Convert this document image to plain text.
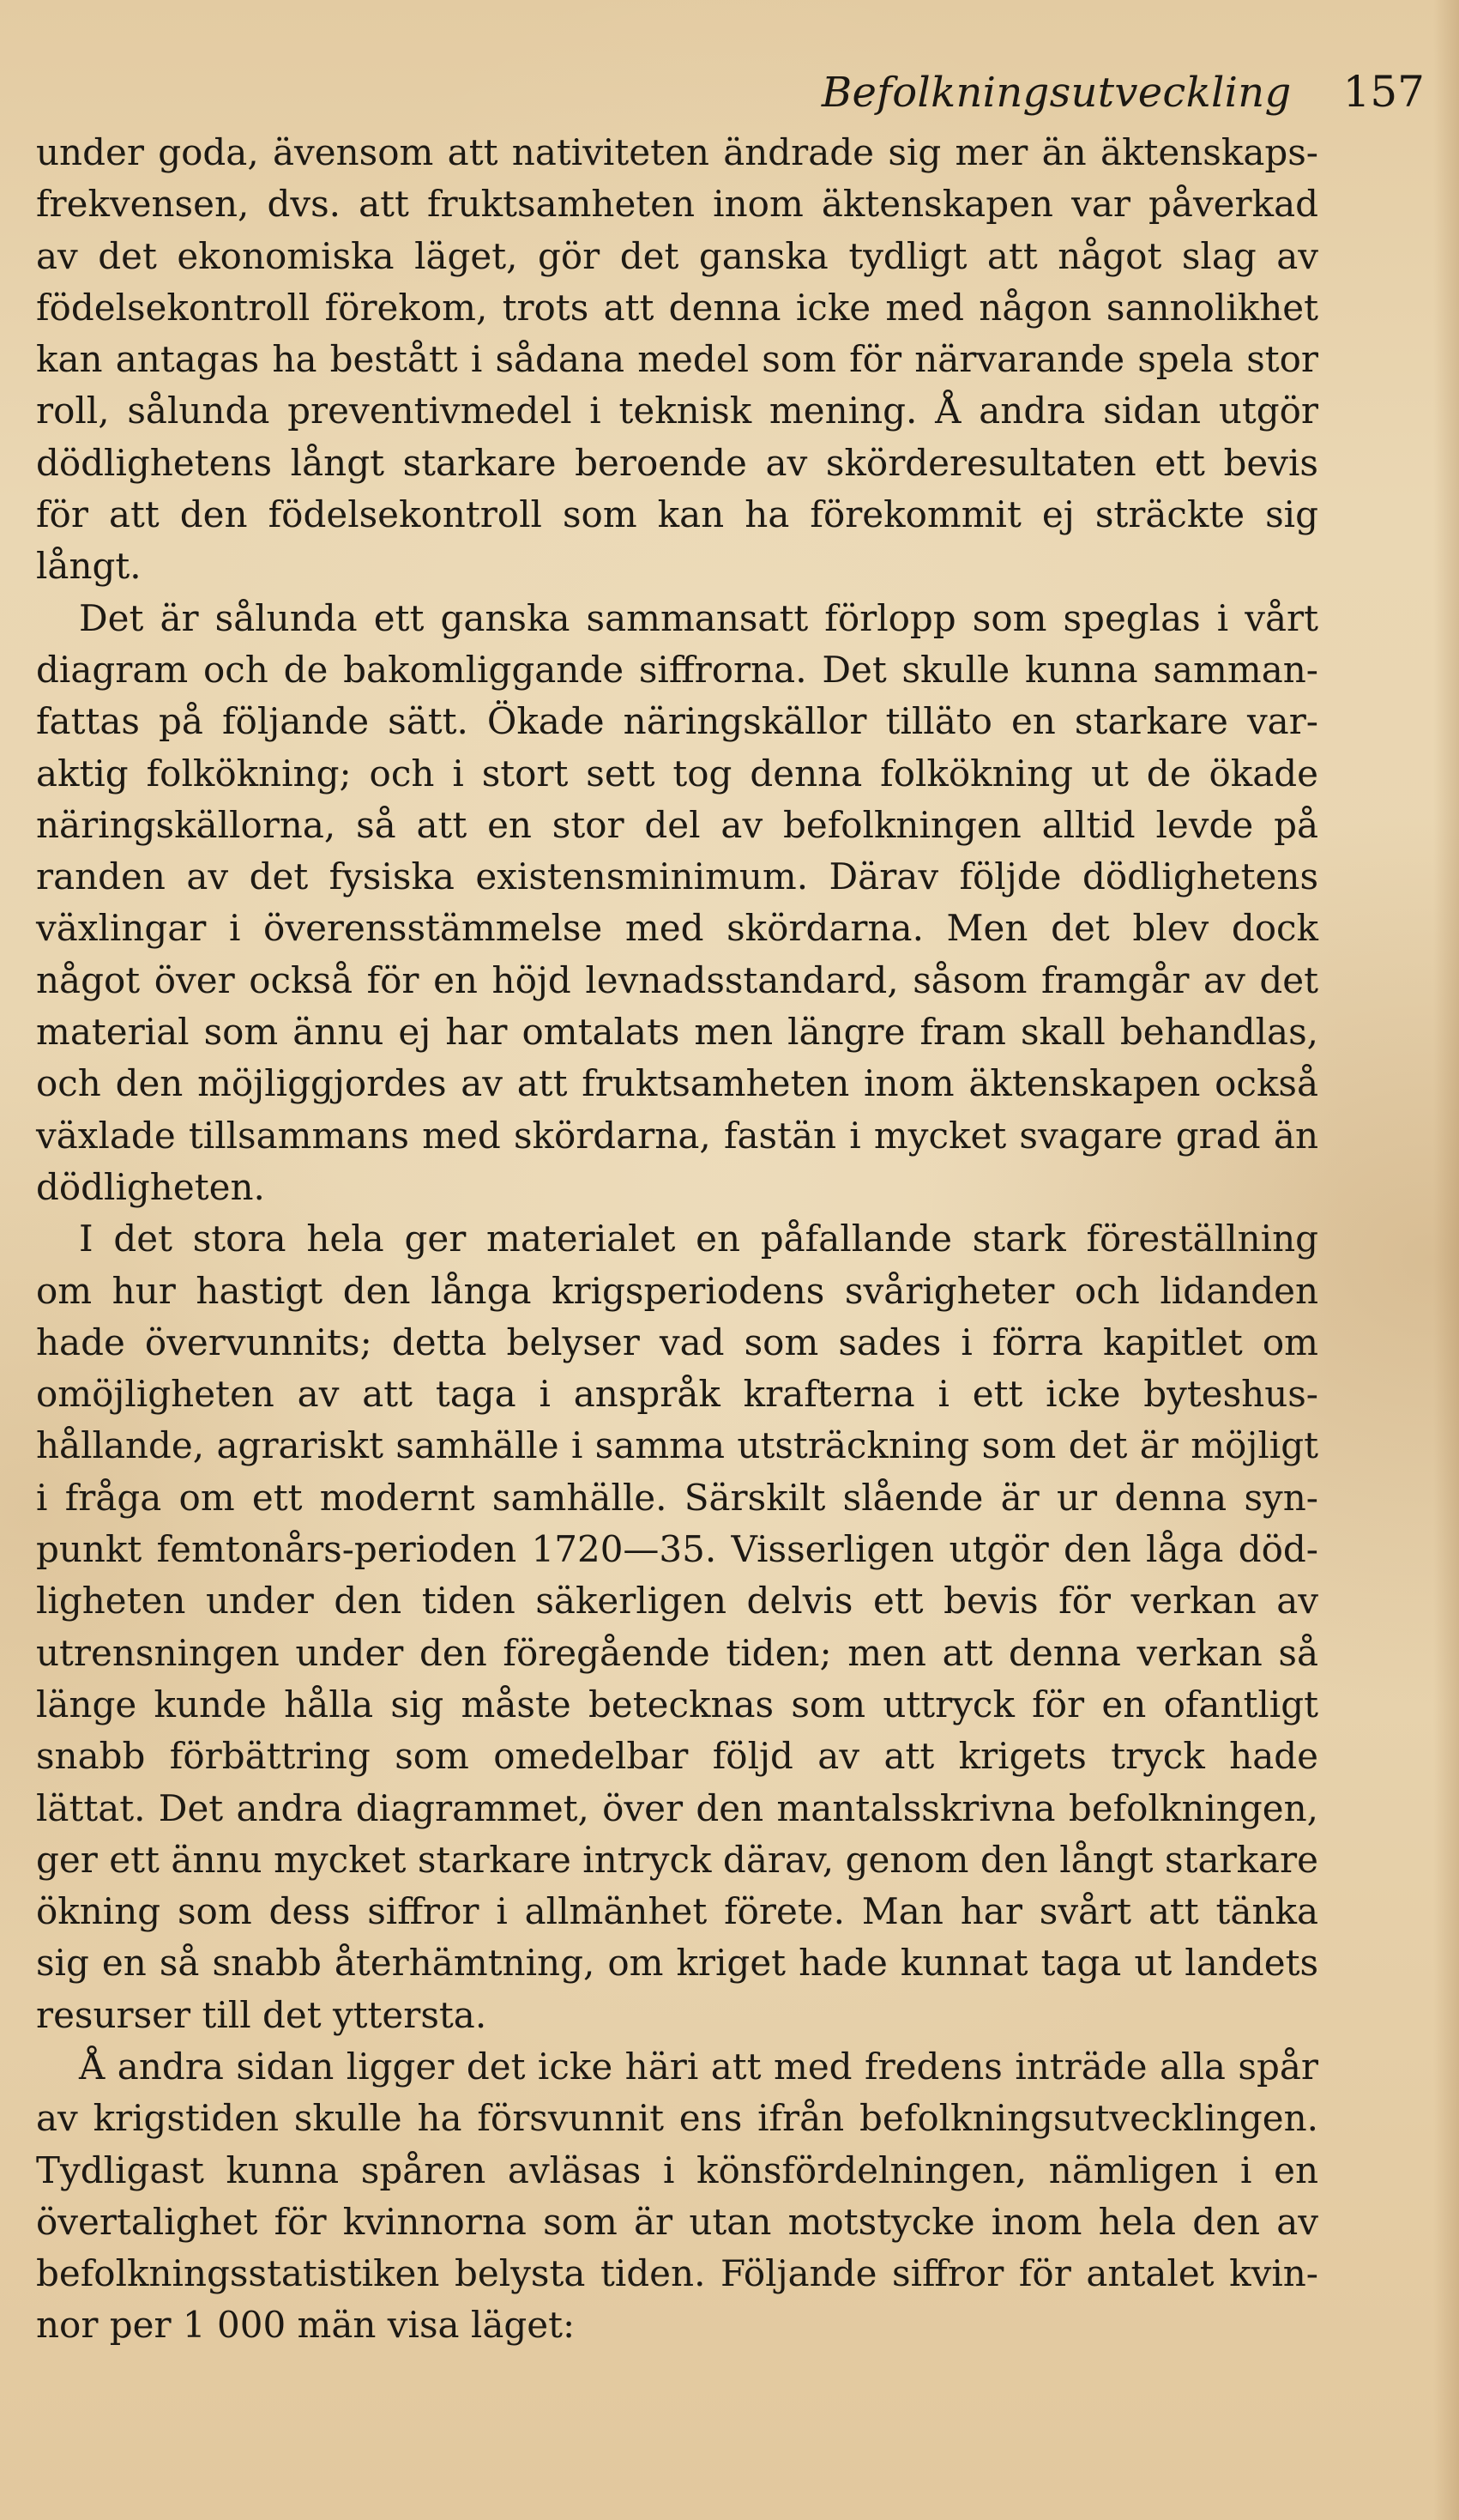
Befolkningsutveckling 157
under goda, ävensom att nativiteten ändrade sig mer än äktenskaps-
frekvensen, dvs. att fruktsamheten inom äktenskapen var påverkad
av det ekonomiska läget, gör det ganska tydligt att något slag av
födelsekontroll förekom, trots att denna icke med någon sannolikhet
kan antagas ha bestått i sådana medel som för närvarande spela stor
roll, sålunda preventivmedel i teknisk mening. Å andra sidan utgör
dödlighetens långt starkare beroende av skörderesultaten ett bevis
för att den födelsekontroll som kan ha förekommit ej sträckte sig
långt.
Det är sålunda ett ganska sammansatt förlopp som speglas i vårt
diagram och de bakomliggande siffrorna. Det skulle kunna samman-
fattas på följande sätt. Ökade näringskällor tilläto en starkare var-
aktig folkökning; och i stort sett tog denna folkökning ut de ökade
näringskällorna, så att en stor del av befolkningen alltid levde på
randen av det fysiska existensminimum. Därav följde dödlighetens
växlingar i överensstämmelse med skördarna. Men det blev dock
något över också för en höjd levnadsstandard, såsom framgår av det
material som ännu ej har omtalats men längre fram skall behandlas,
och den möjliggjordes av att fruktsamheten inom äktenskapen också
växlade tillsammans med skördarna, fastän i mycket svagare grad än
dödligheten.
I det stora hela ger materialet en påfallande stark föreställning
om hur hastigt den långa krigsperiodens svårigheter och lidanden
hade övervunnits; detta belyser vad som sades i förra kapitlet om
omöjligheten av att taga i anspråk krafterna i ett icke byteshus-
hållande, agrariskt samhälle i samma utsträckning som det är möjligt
i fråga om ett modernt samhälle. Särskilt slående är ur denna syn-
punkt femtonårs-perioden 1720—35. Visserligen utgör den låga död-
ligheten under den tiden säkerligen delvis ett bevis för verkan av
utrensningen under den föregående tiden; men att denna verkan så
länge kunde hålla sig måste betecknas som uttryck för en ofantligt
snabb förbättring som omedelbar följd av att krigets tryck hade
lättat. Det andra diagrammet, över den mantalsskrivna befolkningen,
ger ett ännu mycket starkare intryck därav, genom den långt starkare
ökning som dess siffror i allmänhet förete. Man har svårt att tänka
sig en så snabb återhämtning, om kriget hade kunnat taga ut landets
resurser till det yttersta.
Å andra sidan ligger det icke häri att med fredens inträde alla spår
av krigstiden skulle ha försvunnit ens ifrån befolkningsutvecklingen.
Tydligast kunna spåren avläsas i könsfördelningen, nämligen i en
övertalighet för kvinnorna som är utan motstycke inom hela den av
befolkningsstatistiken belysta tiden. Följande siffror för antalet kvin-
nor per 1 000 män visa läget:
